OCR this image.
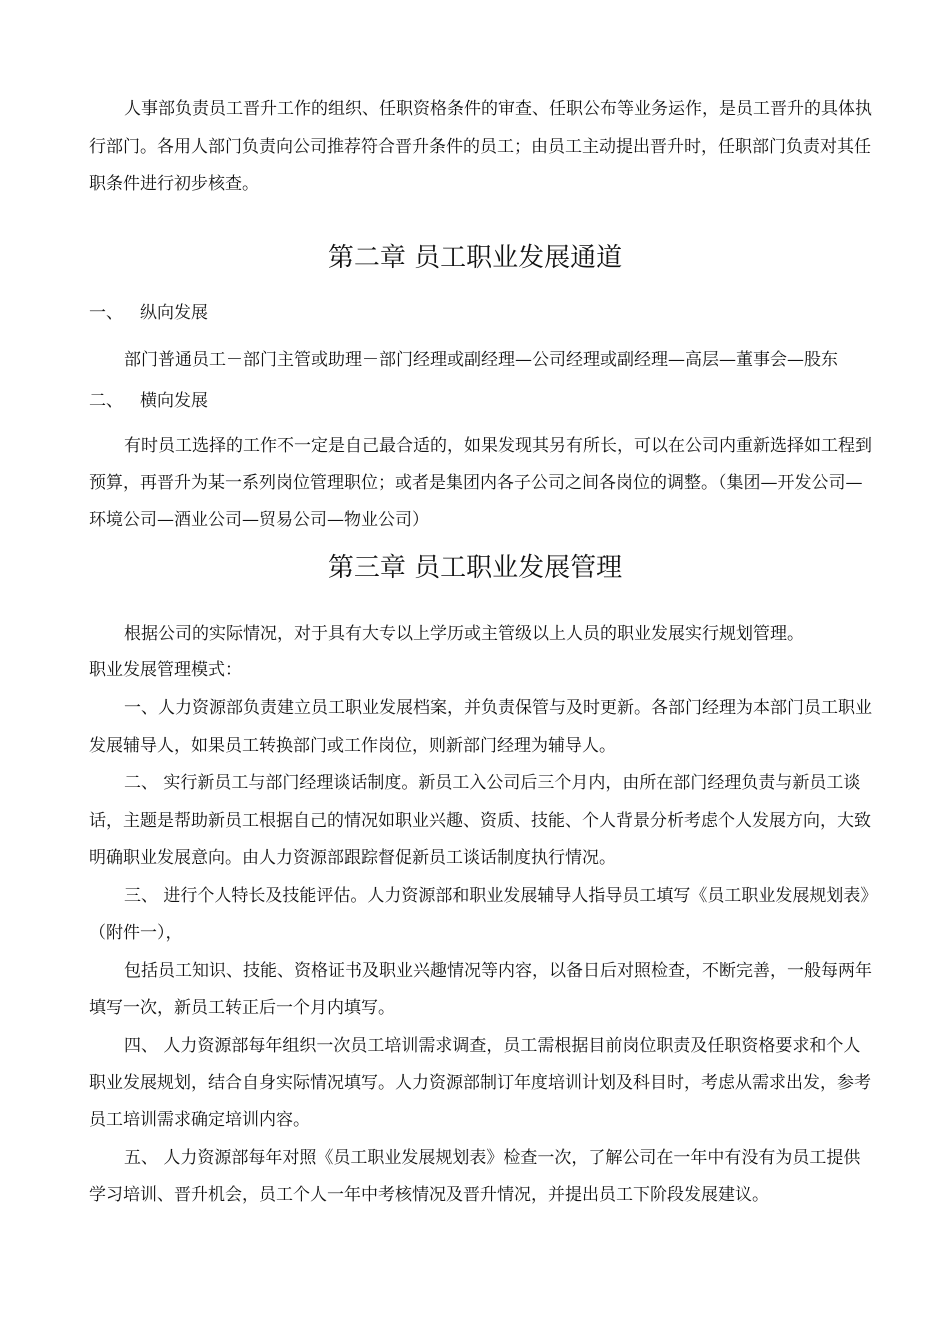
人事部负责员工晋升工作的组织、任职资格条件的审查、任职公布等业务运作，是员工晋升的具体执
行部门。各用人部门负责向公司推荐符合晋升条件的员工；由员工主动提出晋升时，任职部门负责对其任
职条件进行初步核查。
第二章 员工职业发展通道
一、 纵向发展
部门普通员工－部门主管或助理－部门经理或副经理—公司经理或副经理—高层—董事会—股东
二、 横向发展
有时员工选择的工作不一定是自己最合适的，如果发现其另有所长，可以在公司内重新选择如工程到
预算，再晋升为某一系列岗位管理职位；或者是集团内各子公司之间各岗位的调整。（集团—开发公司—
环境公司—酒业公司—贸易公司—物业公司）
第三章 员工职业发展管理
根据公司的实际情况，对于具有大专以上学历或主管级以上人员的职业发展实行规划管理。
职业发展管理模式：
一、人力资源部负责建立员工职业发展档案，并负责保管与及时更新。各部门经理为本部门员工职业
发展辅导人，如果员工转换部门或工作岗位，则新部门经理为辅导人。
二、 实行新员工与部门经理谈话制度。新员工入公司后三个月内，由所在部门经理负责与新员工谈
话，主题是帮助新员工根据自己的情况如职业兴趣、资质、技能、个人背景分析考虑个人发展方向，大致
明确职业发展意向。由人力资源部跟踪督促新员工谈话制度执行情况。
三、 进行个人特长及技能评估。人力资源部和职业发展辅导人指导员工填写《员工职业发展规划表》
（附件一），
包括员工知识、技能、资格证书及职业兴趣情况等内容，以备日后对照检查，不断完善，一般每两年
填写一次，新员工转正后一个月内填写。
四、 人力资源部每年组织一次员工培训需求调查，员工需根据目前岗位职责及任职资格要求和个人
职业发展规划，结合自身实际情况填写。人力资源部制订年度培训计划及科目时，考虑从需求出发，参考
员工培训需求确定培训内容。
五、 人力资源部每年对照《员工职业发展规划表》检查一次，了解公司在一年中有没有为员工提供
学习培训、晋升机会，员工个人一年中考核情况及晋升情况，并提出员工下阶段发展建议。
